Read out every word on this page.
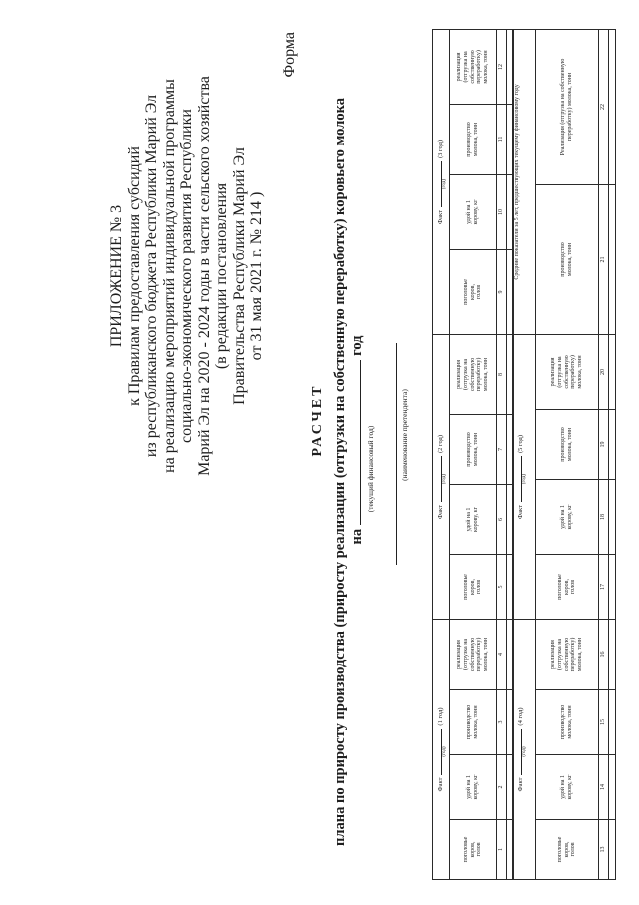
ПРИЛОЖЕНИЕ № 3 к Правилам предоставления субсидий из республиканского бюджета Республики Марий Эл на реализацию мероприятий индивидуальной программы социально-экономического развития Республики Марий Эл на 2020 - 2024 годы в части сельского хозяйства (в редакции постановления Правительства Республики Марий Эл от 31 мая 2021 г. № 214 )
Форма
РАСЧЕТ плана по приросту производства (приросту реализации (отгрузки на собственную переработку) коровьего молока нагод
(текущий финансовый год)	(наименование претендента)
Факт
(год)
(1 год)				Факт
(год)
(2 год)				Факт
(год)
(3 год)			
поголовье коров, голов	удой на 1 корову, кг	производство молока, тонн	реализация (отгрузка на собственную переработку) молока, тонн	поголовье коров, голов	удой на 1 корову, кг	производство молока, тонн	реализация (отгрузка на собственную переработку) молока, тонн	поголовье коров, голов	удой на 1 корову, кг	производство молока, тонн	реализация (отгрузка на собственную переработку) молока, тонн
1	2	3	4	5	6	7	8	9	10	11	12

Факт
(год)
(4 год)				Факт
(год)
(5 год)				Средние показатели за 5 лет, предшествующих текущему финансовому году	
поголовье коров, голов	удой на 1 корову, кг	производство молока, тонн	реализация (отгрузка на собственную переработку) молока, тонн	поголовье коров, голов	удой на 1 корову, кг	производство молока, тонн	реализация (отгрузка на собственную переработку) молока, тонн	производство молока, тонн	Реализация (отгрузка на собственную переработку) молока, тонн
13	14	15	16	17	18	19	20	21	22
